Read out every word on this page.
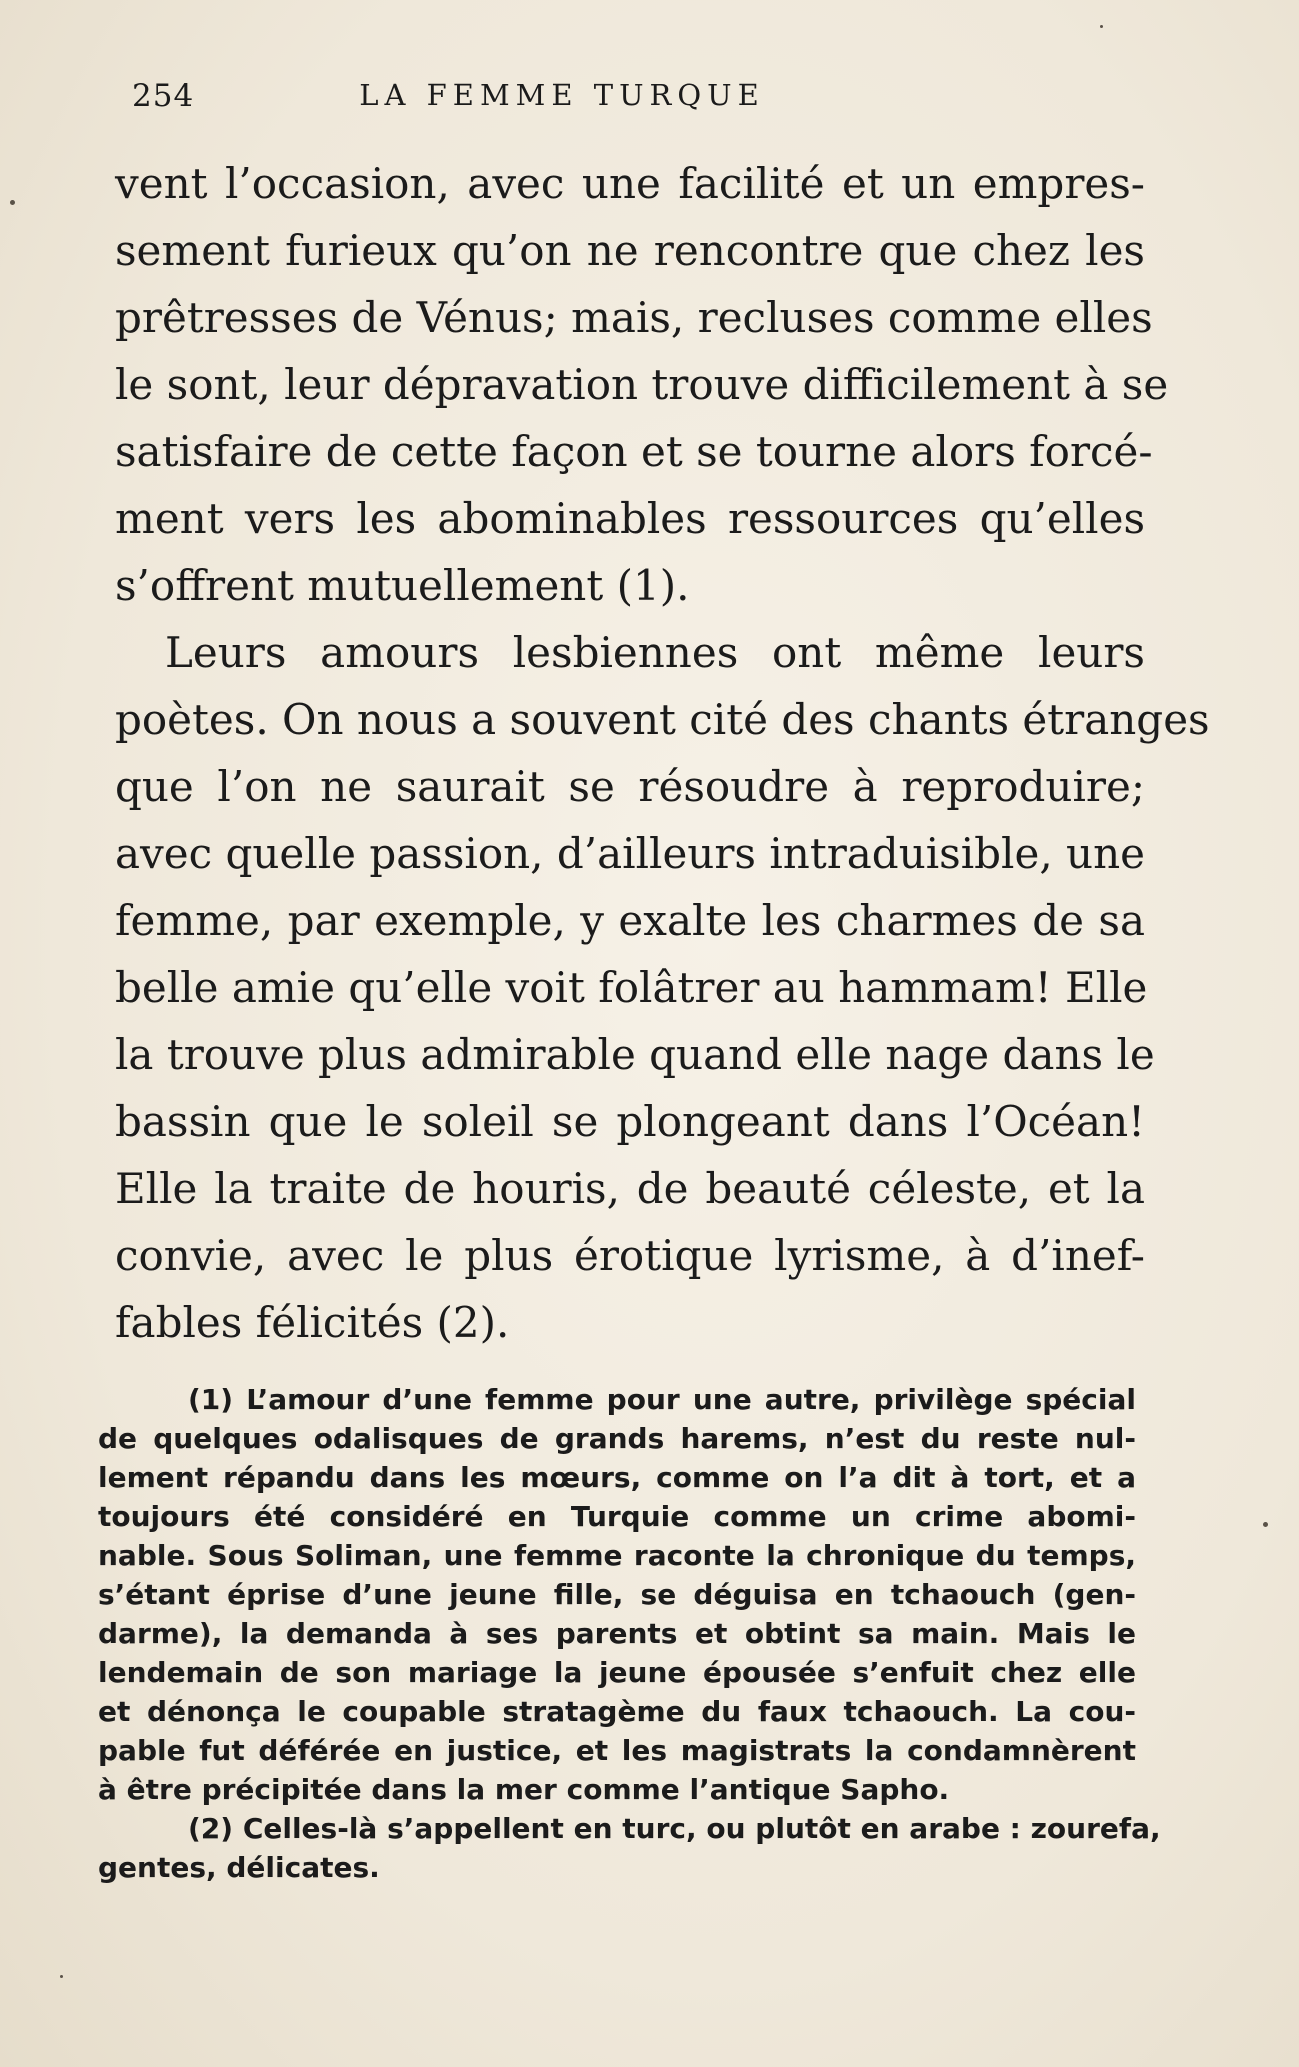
254	LA FEMME TURQUE

vent l’occasion, avec une facilité et un empres-
sement furieux qu’on ne rencontre que chez les
prêtresses de Vénus; mais, recluses comme elles
le sont, leur dépravation trouve difficilement à se
satisfaire de cette façon et se tourne alors forcé-
ment vers les abominables ressources qu’elles
s’offrent mutuellement (1).

Leurs amours lesbiennes ont même leurs
poètes. On nous a souvent cité des chants étranges
que l’on ne saurait se résoudre à reproduire;
avec quelle passion, d’ailleurs intraduisible, une
femme, par exemple, y exalte les charmes de sa
belle amie qu’elle voit folâtrer au hammam! Elle
la trouve plus admirable quand elle nage dans le
bassin que le soleil se plongeant dans l’Océan!
Elle la traite de houris, de beauté céleste, et la
convie, avec le plus érotique lyrisme, à d’inef-
fables félicités (2).

(1) L’amour d’une femme pour une autre, privilège spécial
de quelques odalisques de grands harems, n’est du reste nul-
lement répandu dans les mœurs, comme on l’a dit à tort, et a
toujours été considéré en Turquie comme un crime abomi-
nable. Sous Soliman, une femme raconte la chronique du temps,
s’étant éprise d’une jeune fille, se déguisa en tchaouch (gen-
darme), la demanda à ses parents et obtint sa main. Mais le
lendemain de son mariage la jeune épousée s’enfuit chez elle
et dénonça le coupable stratagème du faux tchaouch. La cou-
pable fut déférée en justice, et les magistrats la condamnèrent
à être précipitée dans la mer comme l’antique Sapho.
(2) Celles-là s’appellent en turc, ou plutôt en arabe : zourefa,
gentes, délicates.
